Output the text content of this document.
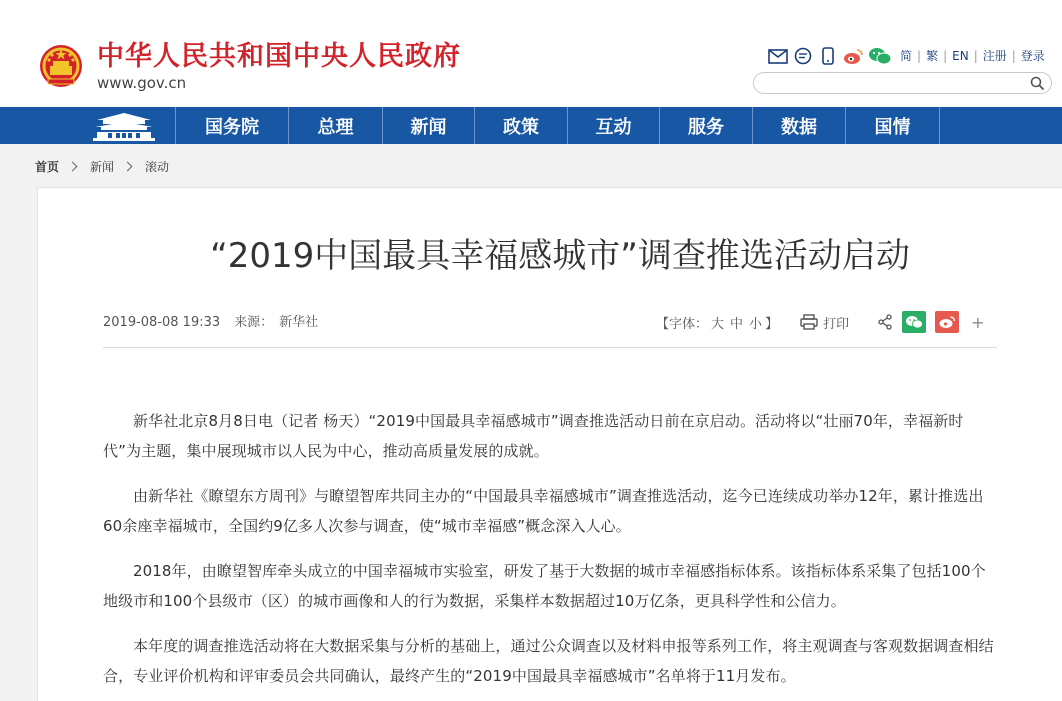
中华人民共和国中央人民政府
www.gov.cn
简 | 繁 | EN | 注册 | 登录
国务院	总理	新闻	政策	互动	服务	数据	国情
首页	新闻	滚动
“2019中国最具幸福感城市”调查推选活动启动
2019-08-08 19:33 来源： 新华社	【字体： 大 中 小 】	打印	+

新华社北京8月8日电（记者 杨天）“2019中国最具幸福感城市”调查推选活动日前在京启动。活动将以“壮丽70年，幸福新时代”为主题，集中展现城市以人民为中心，推动高质量发展的成就。

由新华社《瞭望东方周刊》与瞭望智库共同主办的“中国最具幸福感城市”调查推选活动，迄今已连续成功举办12年，累计推选出60余座幸福城市，全国约9亿多人次参与调查，使“城市幸福感”概念深入人心。

2018年，由瞭望智库牵头成立的中国幸福城市实验室，研发了基于大数据的城市幸福感指标体系。该指标体系采集了包括100个地级市和100个县级市（区）的城市画像和人的行为数据，采集样本数据超过10万亿条，更具科学性和公信力。

本年度的调查推选活动将在大数据采集与分析的基础上，通过公众调查以及材料申报等系列工作，将主观调查与客观数据调查相结合，专业评价机构和评审委员会共同确认，最终产生的“2019中国最具幸福感城市”名单将于11月发布。
